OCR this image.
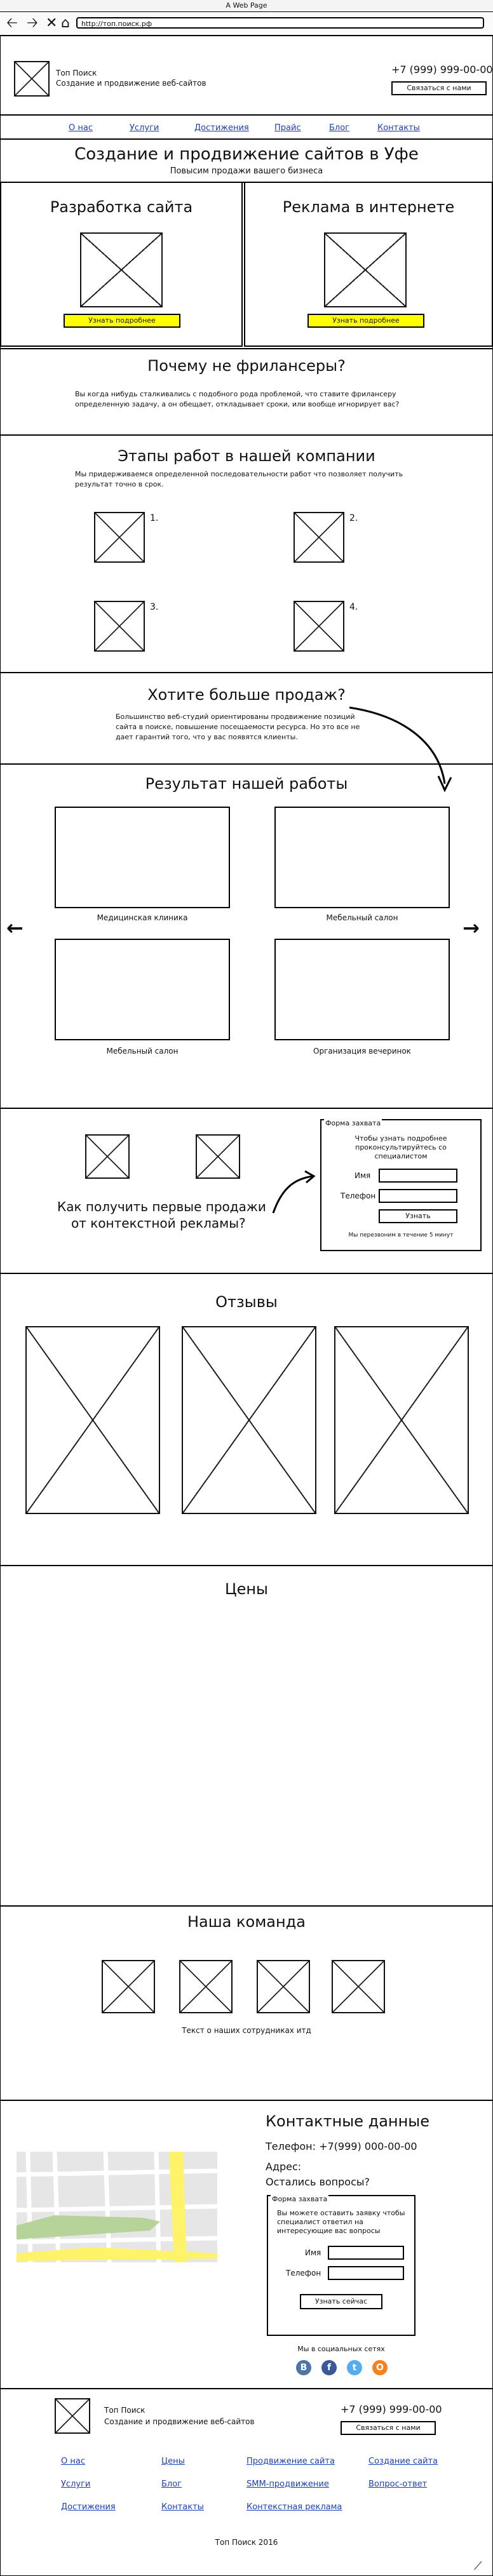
A Web Page
🡠 🡢 ✕ ⌂	http://топ.поиск.рф
Топ Поиск
Создание и продвижение веб-сайтов
+7 (999) 999-00-00
Связаться с нами
О нас	Услуги	Достижения	Прайс	Блог	Контакты
Создание и продвижение сайтов в Уфе
Повысим продажи вашего бизнеса
Разработка сайта
Узнать подробнее
Реклама в интернете
Узнать подробнее
Почему не фрилансеры?
Вы когда нибудь сталкивались с подобного рода проблемой, что ставите фрилансеру
определенную задачу, а он обещает, откладывает сроки, или вообще игнорирует вас?
Этапы работ в нашей компании
Мы придерживаемся определенной последовательности работ что позволяет получить
результат точно в срок.
1.	2.
3.	4.
Хотите больше продаж?
Большинство веб-студий ориентированы продвижение позиций
сайта в поиске, повышение посещаемости ресурса. Но это все не
дает гарантий того, что у вас появятся клиенты.
Результат нашей работы
Медицинская клиника	Мебельный салон
Мебельный салон	Организация вечеринок
←	→
Как получить первые продажи
от контекстной рекламы?
Форма захвата
Чтобы узнать подробнее
проконсультируйтесь со
специалистом
Имя
Телефон
Узнать
Мы перезвоним в течение 5 минут
Отзывы
Цены
Наша команда
Текст о наших сотрудниках итд
Контактные данные
Телефон: +7(999) 000-00-00
Адрес:
Остались вопросы?
Форма захвата
Вы можете оставить заявку чтобы
специалист ответил на
интересующие вас вопросы
Имя
Телефон
Узнать сейчас
Мы в социальных сетях
В	f	t	О
Топ Поиск
Создание и продвижение веб-сайтов
+7 (999) 999-00-00
Связаться с нами
О нас	Цены	Продвижение сайта	Создание сайта
Услуги	Блог	SMM-продвижение	Вопрос-ответ
Достижения	Контакты	Контекстная реклама
Топ Поиск 2016
⟋
